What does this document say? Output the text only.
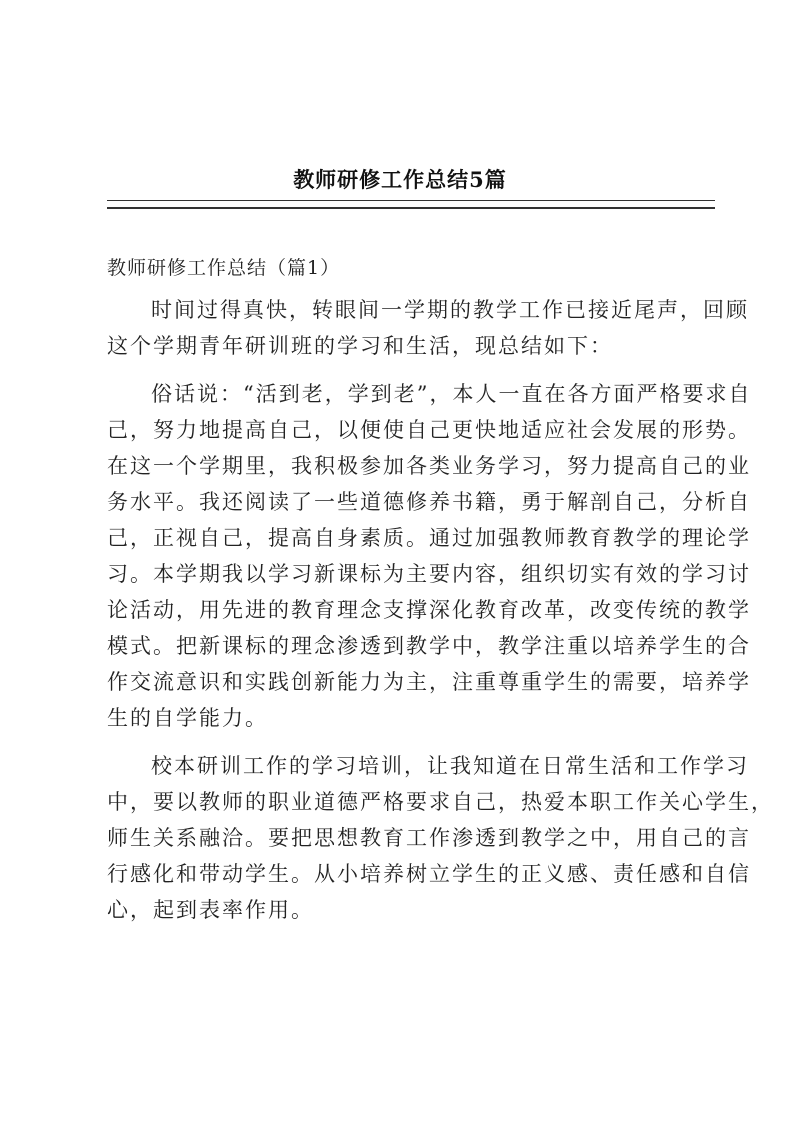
教师研修工作总结5篇
教师研修工作总结（篇1）
时间过得真快，转眼间一学期的教学工作已接近尾声，回顾
这个学期青年研训班的学习和生活，现总结如下：
俗话说：“活到老，学到老”，本人一直在各方面严格要求自
己，努力地提高自己，以便使自己更快地适应社会发展的形势。
在这一个学期里，我积极参加各类业务学习，努力提高自己的业
务水平。我还阅读了一些道德修养书籍，勇于解剖自己，分析自
己，正视自己，提高自身素质。通过加强教师教育教学的理论学
习。本学期我以学习新课标为主要内容，组织切实有效的学习讨
论活动，用先进的教育理念支撑深化教育改革，改变传统的教学
模式。把新课标的理念渗透到教学中，教学注重以培养学生的合
作交流意识和实践创新能力为主，注重尊重学生的需要，培养学
生的自学能力。
校本研训工作的学习培训，让我知道在日常生活和工作学习
中，要以教师的职业道德严格要求自己，热爱本职工作关心学生，
师生关系融洽。要把思想教育工作渗透到教学之中，用自己的言
行感化和带动学生。从小培养树立学生的正义感、责任感和自信
心，起到表率作用。
